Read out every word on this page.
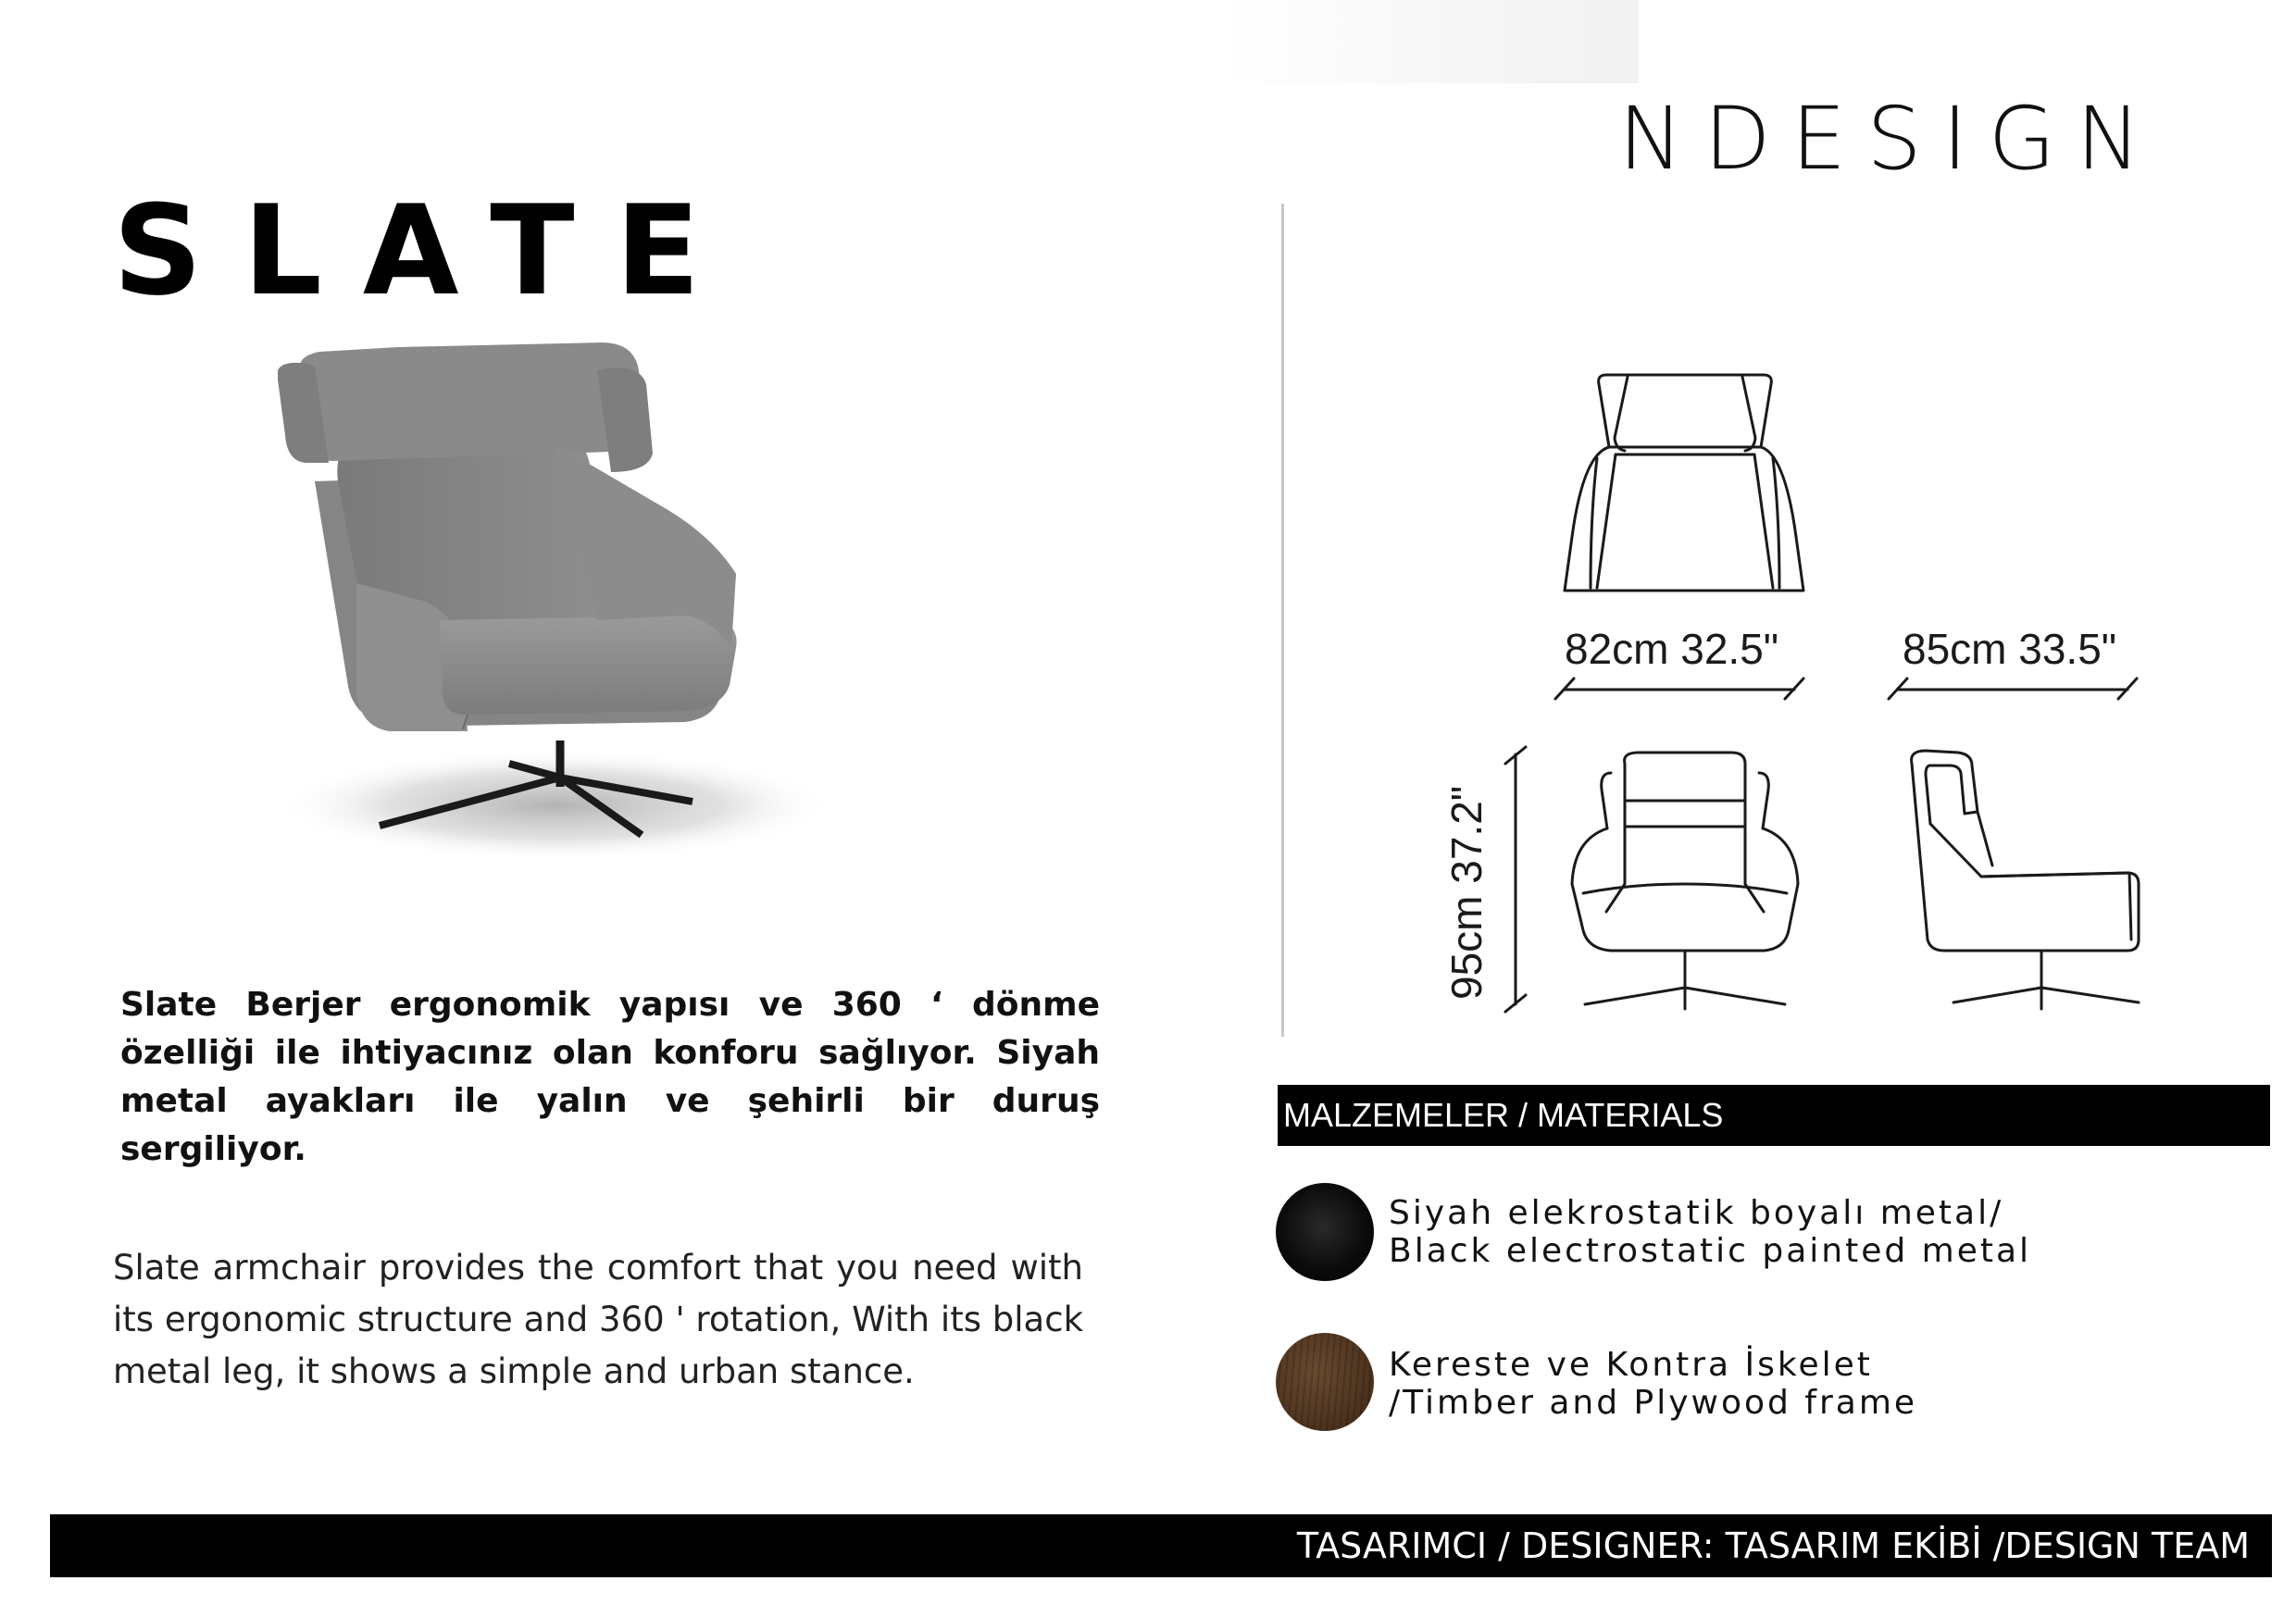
NDESIGN
SLATE
82cm 32.5"	85cm 33.5"
95cm 37.2"
Slate Berjer ergonomik yapısı ve 360 ‘ dönme özelliği ile ihtiyacınız olan konforu sağlıyor. Siyah metal ayakları ile yalın ve şehirli bir duruş sergiliyor.
Slate armchair provides the comfort that you need with its ergonomic structure and 360 ' rotation, With its black metal leg, it shows a simple and urban stance.
MALZEMELER / MATERIALS
Siyah elekrostatik boyalı metal/
Black electrostatic painted metal
Kereste ve Kontra İskelet
/Timber and Plywood frame
TASARIMCI / DESIGNER: TASARIM EKİBİ /DESIGN TEAM
